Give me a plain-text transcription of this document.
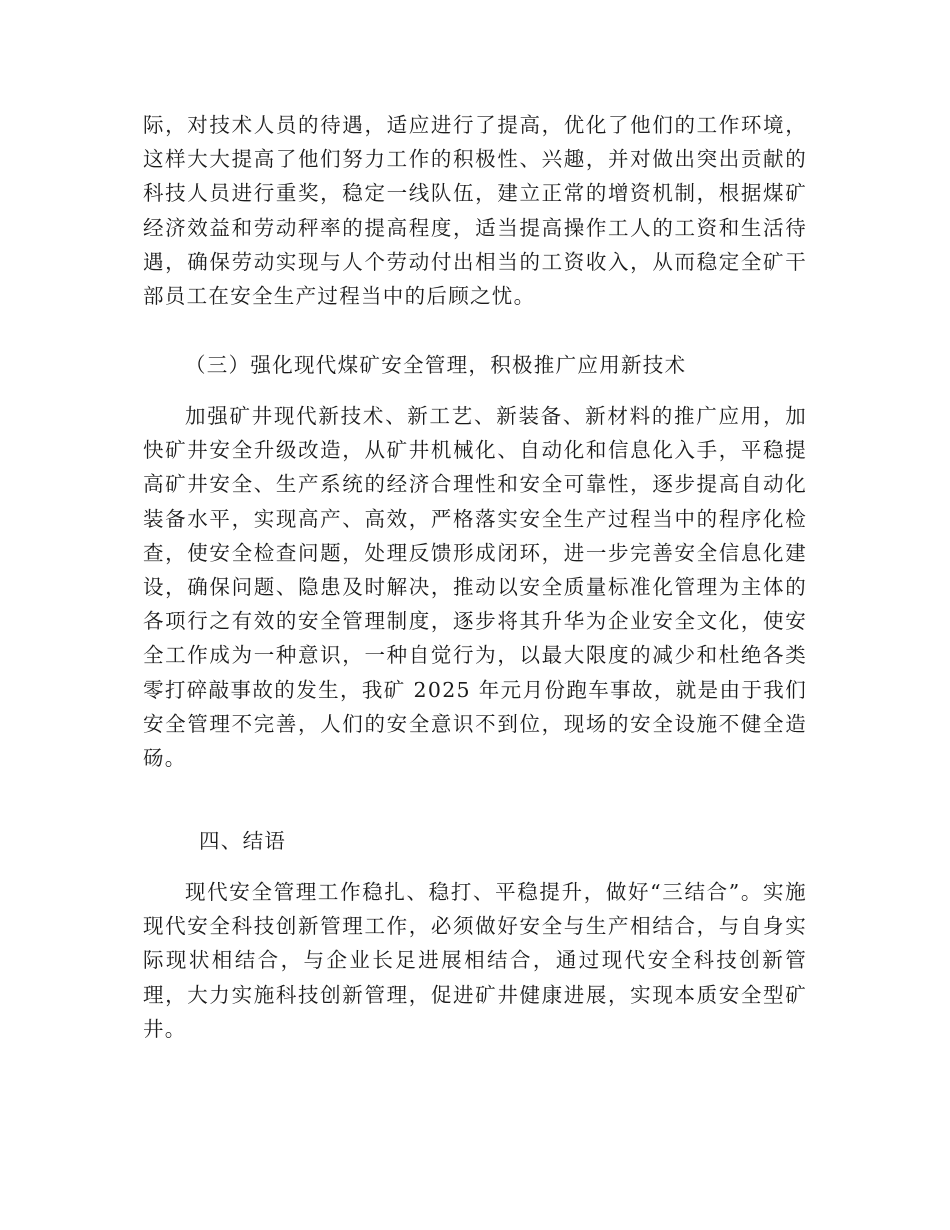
际，对技术人员的待遇，适应进行了提高，优化了他们的工作环境，这样大大提高了他们努力工作的积极性、兴趣，并对做出突出贡献的科技人员进行重奖，稳定一线队伍，建立正常的增资机制，根据煤矿经济效益和劳动秤率的提高程度，适当提高操作工人的工资和生活待遇，确保劳动实现与人个劳动付出相当的工资收入，从而稳定全矿干部员工在安全生产过程当中的后顾之忧。

（三）强化现代煤矿安全管理，积极推广应用新技术

加强矿井现代新技术、新工艺、新装备、新材料的推广应用，加快矿井安全升级改造，从矿井机械化、自动化和信息化入手，平稳提高矿井安全、生产系统的经济合理性和安全可靠性，逐步提高自动化装备水平，实现高产、高效，严格落实安全生产过程当中的程序化检查，使安全检查问题，处理反馈形成闭环，进一步完善安全信息化建设，确保问题、隐患及时解决，推动以安全质量标准化管理为主体的各项行之有效的安全管理制度，逐步将其升华为企业安全文化，使安全工作成为一种意识，一种自觉行为，以最大限度的减少和杜绝各类零打碎敲事故的发生，我矿 2025 年元月份跑车事故，就是由于我们安全管理不完善，人们的安全意识不到位，现场的安全设施不健全造砀。

四、结语

现代安全管理工作稳扎、稳打、平稳提升，做好“三结合”。实施现代安全科技创新管理工作，必须做好安全与生产相结合，与自身实际现状相结合，与企业长足进展相结合，通过现代安全科技创新管理，大力实施科技创新管理，促进矿井健康进展，实现本质安全型矿井。
